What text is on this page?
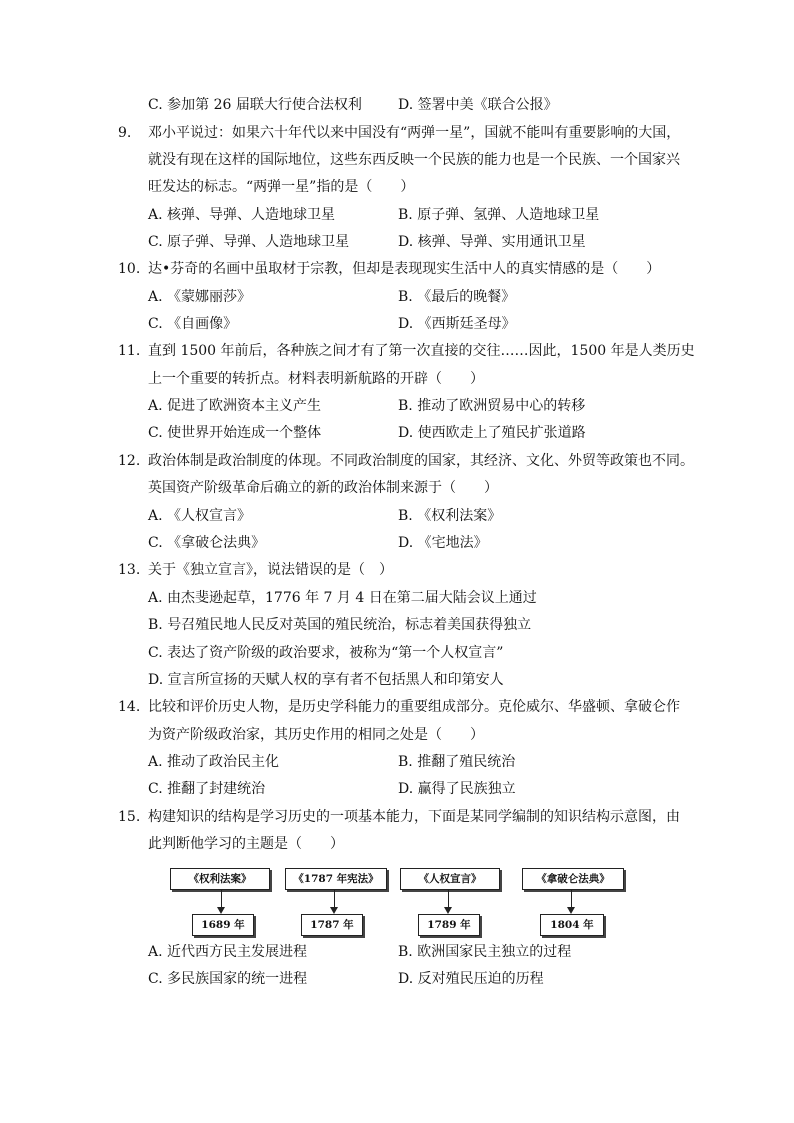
C. 参加第 26 届联大行使合法权利	D. 签署中美《联合公报》
9. 邓小平说过：如果六十年代以来中国没有“两弹一星”，国就不能叫有重要影响的大国，
就没有现在这样的国际地位，这些东西反映一个民族的能力也是一个民族、一个国家兴
旺发达的标志。“两弹一星”指的是（　　）
A. 核弹、导弹、人造地球卫星	B. 原子弹、氢弹、人造地球卫星
C. 原子弹、导弹、人造地球卫星	D. 核弹、导弹、实用通讯卫星
10. 达•芬奇的名画中虽取材于宗教，但却是表现现实生活中人的真实情感的是（　　）
A. 《蒙娜丽莎》	B. 《最后的晚餐》
C. 《自画像》	D. 《西斯廷圣母》
11. 直到 1500 年前后，各种族之间才有了第一次直接的交往……因此，1500 年是人类历史
上一个重要的转折点。材料表明新航路的开辟（　　）
A. 促进了欧洲资本主义产生	B. 推动了欧洲贸易中心的转移
C. 使世界开始连成一个整体	D. 使西欧走上了殖民扩张道路
12. 政治体制是政治制度的体现。不同政治制度的国家，其经济、文化、外贸等政策也不同。
英国资产阶级革命后确立的新的政治体制来源于（　　）
A. 《人权宣言》	B. 《权利法案》
C. 《拿破仑法典》	D. 《宅地法》
13. 关于《独立宣言》，说法错误的是（　）
A. 由杰斐逊起草，1776 年 7 月 4 日在第二届大陆会议上通过
B. 号召殖民地人民反对英国的殖民统治，标志着美国获得独立
C. 表达了资产阶级的政治要求，被称为“第一个人权宣言”
D. 宣言所宣扬的天赋人权的享有者不包括黑人和印第安人
14. 比较和评价历史人物，是历史学科能力的重要组成部分。克伦威尔、华盛顿、拿破仑作
为资产阶级政治家，其历史作用的相同之处是（　　）
A. 推动了政治民主化	B. 推翻了殖民统治
C. 推翻了封建统治	D. 赢得了民族独立
15. 构建知识的结构是学习历史的一项基本能力，下面是某同学编制的知识结构示意图，由
此判断他学习的主题是（　　）
《权利法案》
1689 年
《1787 年宪法》
1787 年
《人权宣言》
1789 年
《拿破仑法典》
1804 年
A. 近代西方民主发展进程	B. 欧洲国家民主独立的过程
C. 多民族国家的统一进程	D. 反对殖民压迫的历程
